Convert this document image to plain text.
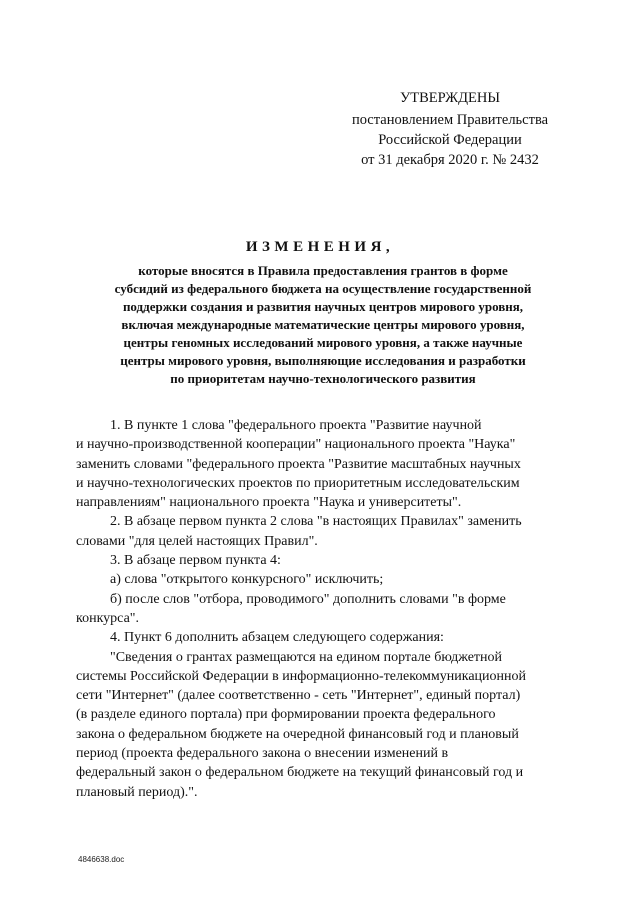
УТВЕРЖДЕНЫ
постановлением Правительства
Российской Федерации
от 31 декабря 2020 г. № 2432
ИЗМЕНЕНИЯ,
которые вносятся в Правила предоставления грантов в форме
субсидий из федерального бюджета на осуществление государственной
поддержки создания и развития научных центров мирового уровня,
включая международные математические центры мирового уровня,
центры геномных исследований мирового уровня, а также научные
центры мирового уровня, выполняющие исследования и разработки
по приоритетам научно-технологического развития
1. В пункте 1 слова "федерального проекта "Развитие научной
и научно-производственной кооперации" национального проекта "Наука"
заменить словами "федерального проекта "Развитие масштабных научных
и научно-технологических проектов по приоритетным исследовательским
направлениям" национального проекта "Наука и университеты".
2. В абзаце первом пункта 2 слова "в настоящих Правилах" заменить
словами "для целей настоящих Правил".
3. В абзаце первом пункта 4:
а) слова "открытого конкурсного" исключить;
б) после слов "отбора, проводимого" дополнить словами "в форме
конкурса".
4. Пункт 6 дополнить абзацем следующего содержания:
"Сведения о грантах размещаются на едином портале бюджетной
системы Российской Федерации в информационно-телекоммуникационной
сети "Интернет" (далее соответственно - сеть "Интернет", единый портал)
(в разделе единого портала) при формировании проекта федерального
закона о федеральном бюджете на очередной финансовый год и плановый
период (проекта федерального закона о внесении изменений в
федеральный закон о федеральном бюджете на текущий финансовый год и
плановый период).".
4846638.doc
